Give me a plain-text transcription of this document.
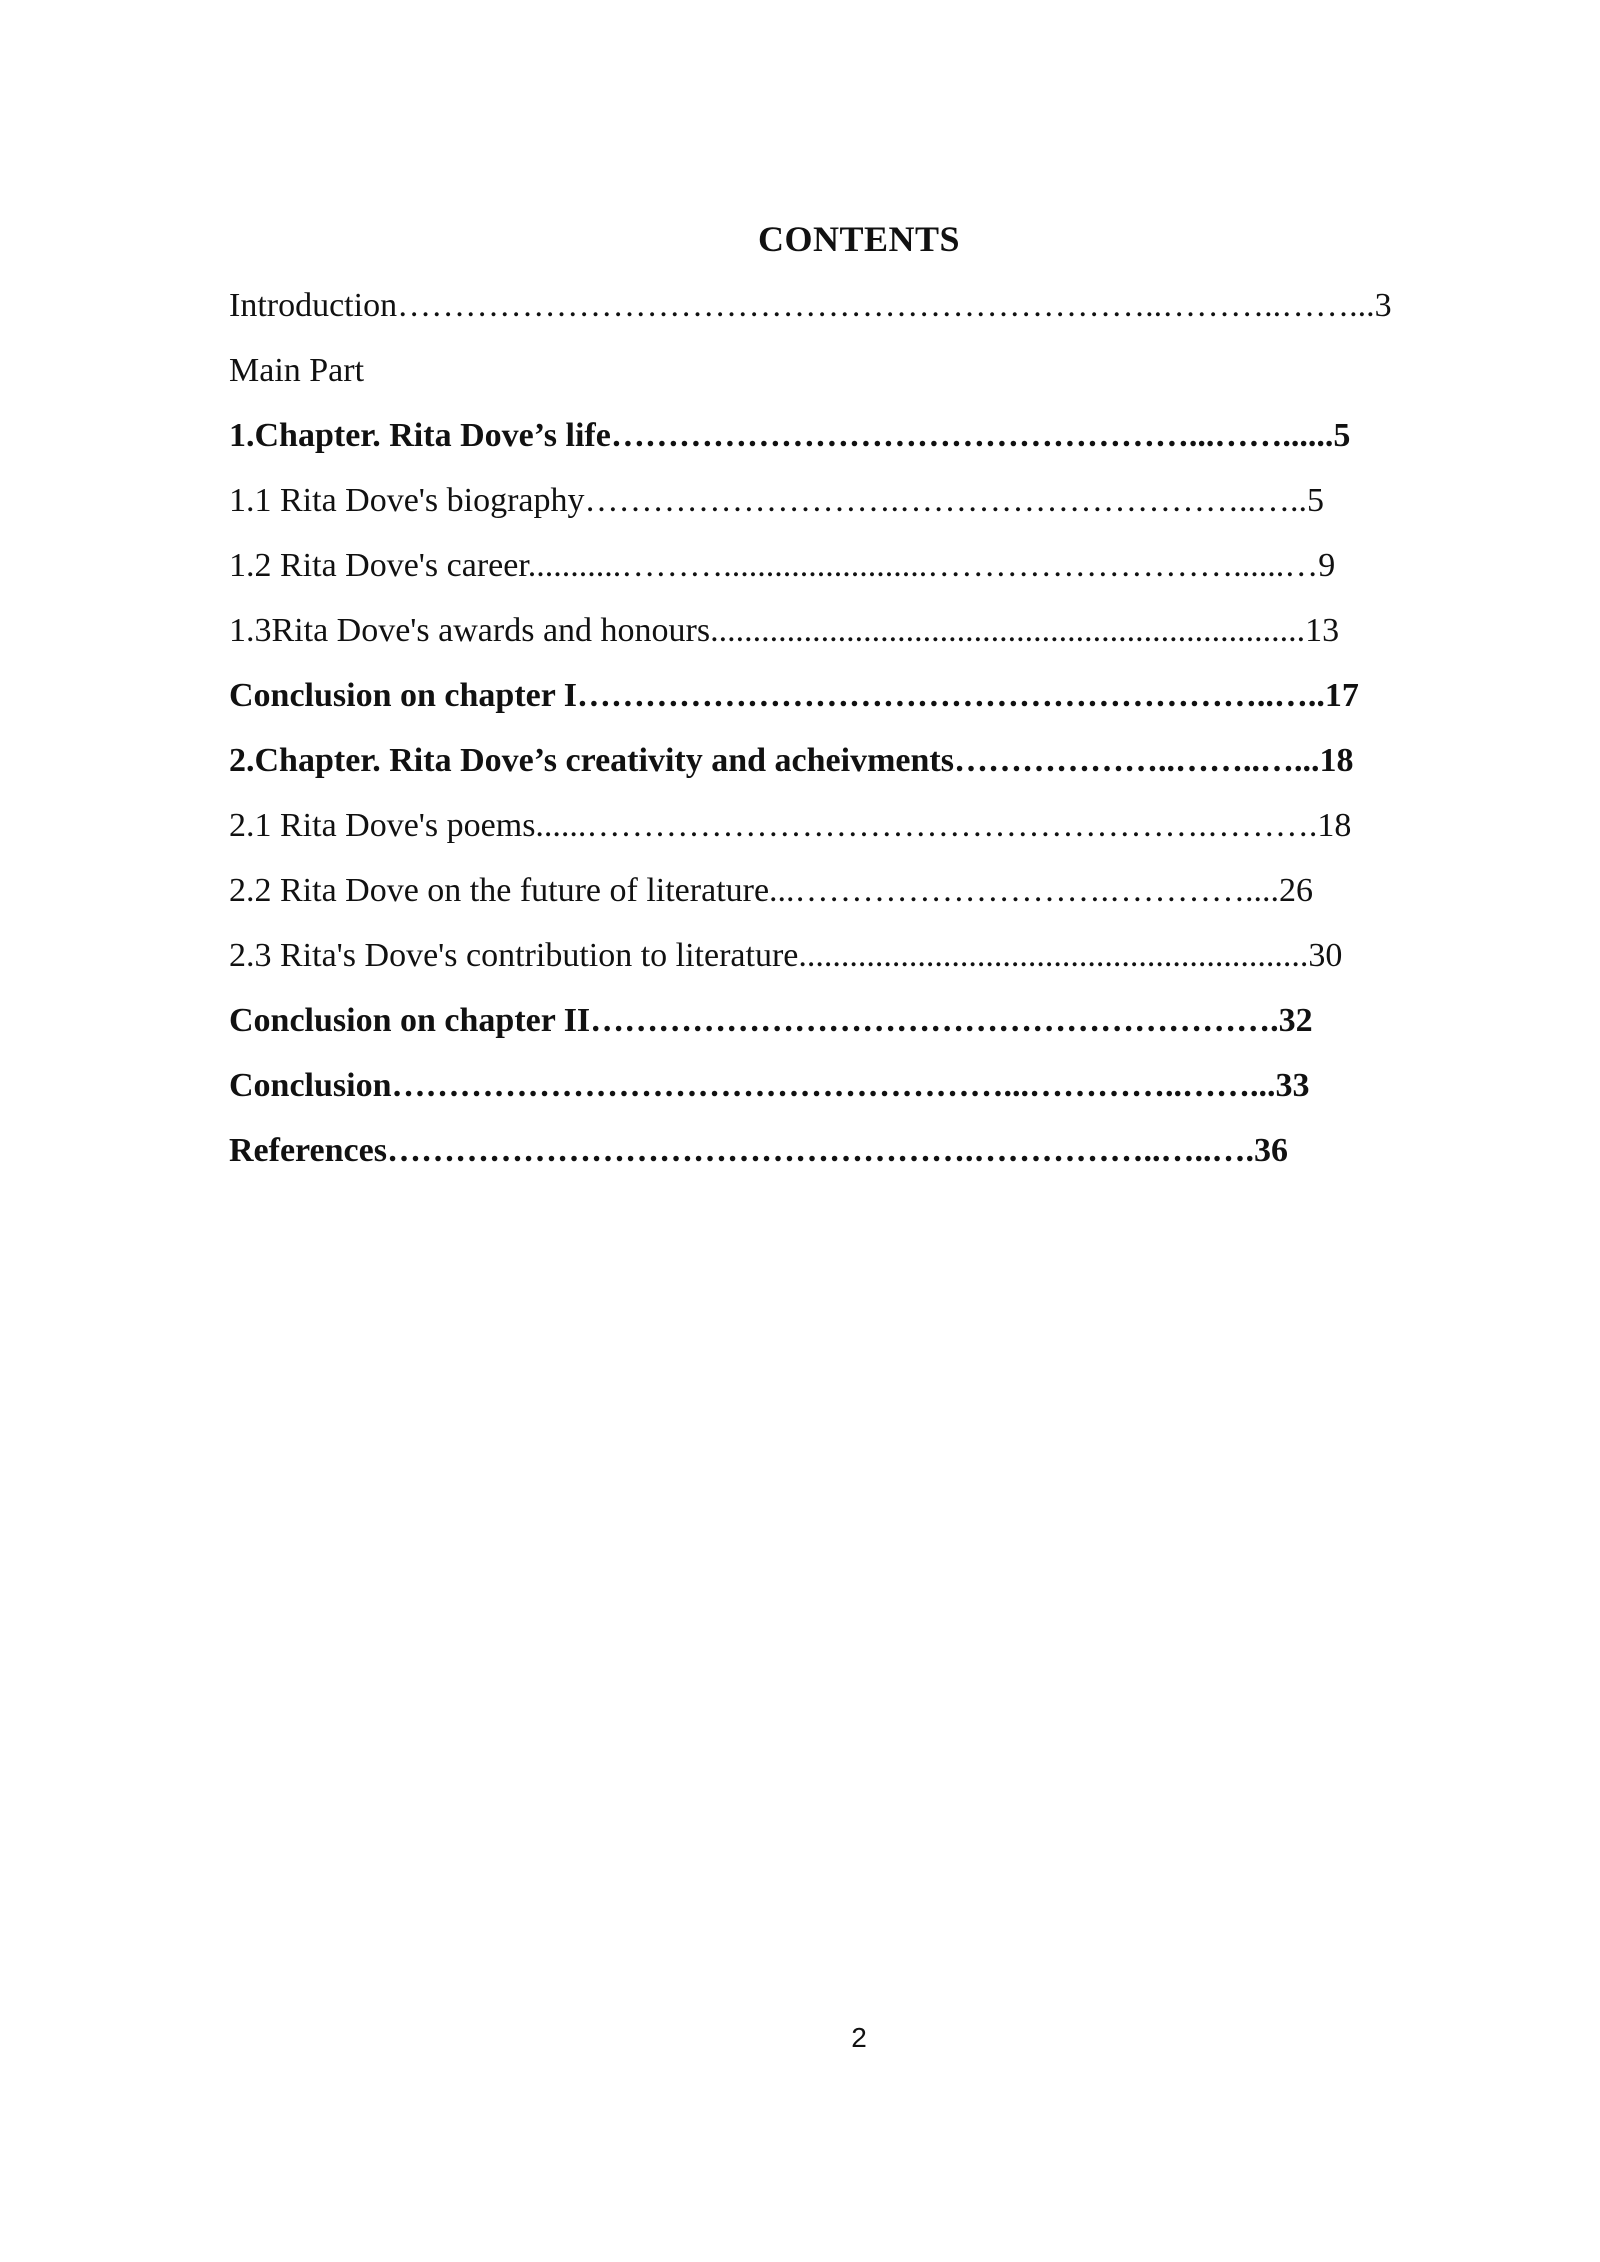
CONTENTS
Introduction…………………………………………………………..………..……...3
Main Part
1.Chapter. Rita Dove’s life……………………………………………...……......5
1.1 Rita Dove's biography……………………….…………………………..…..5
1.2 Rita Dove's career...........………........................………………………......…9
1.3Rita Dove's awards and honours......................................................................13
Conclusion on chapter I……………………………………………………..…..17
2.Chapter. Rita Dove’s creativity and acheivments………………..……..…...18
2.1 Rita Dove's poems......……………………………………………….……….18
2.2 Rita Dove on the future of literature...……………………….…………....26
2.3 Rita's Dove's contribution to literature............................................................30
Conclusion on chapter II…………………………………………………….32
Conclusion………………………………………………...…………..……...33
References…………………………………………….……………..…..….36
2
